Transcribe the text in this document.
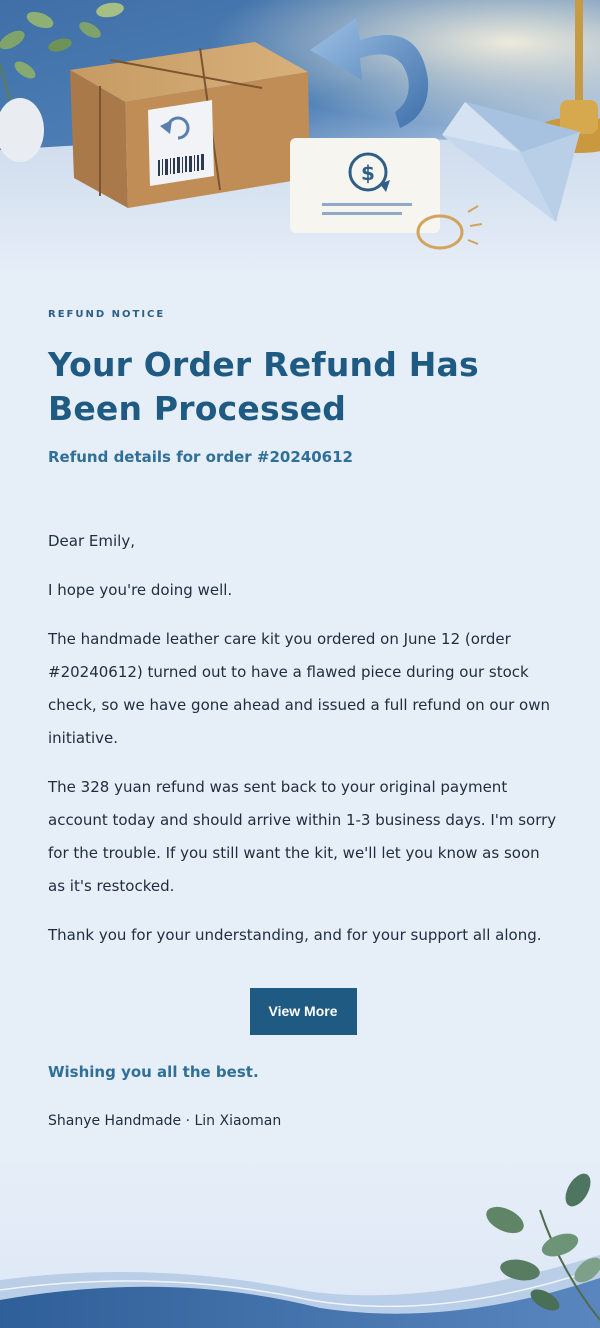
$

REFUND NOTICE

Your Order Refund Has Been Processed

Refund details for order #20240612

Dear Emily,

I hope you're doing well.

The handmade leather care kit you ordered on June 12 (order #20240612) turned out to have a flawed piece during our stock check, so we have gone ahead and issued a full refund on our own initiative.

The 328 yuan refund was sent back to your original payment account today and should arrive within 1-3 business days. I'm sorry for the trouble. If you still want the kit, we'll let you know as soon as it's restocked.

Thank you for your understanding, and for your support all along.

View More

Wishing you all the best.

Shanye Handmade · Lin Xiaoman
